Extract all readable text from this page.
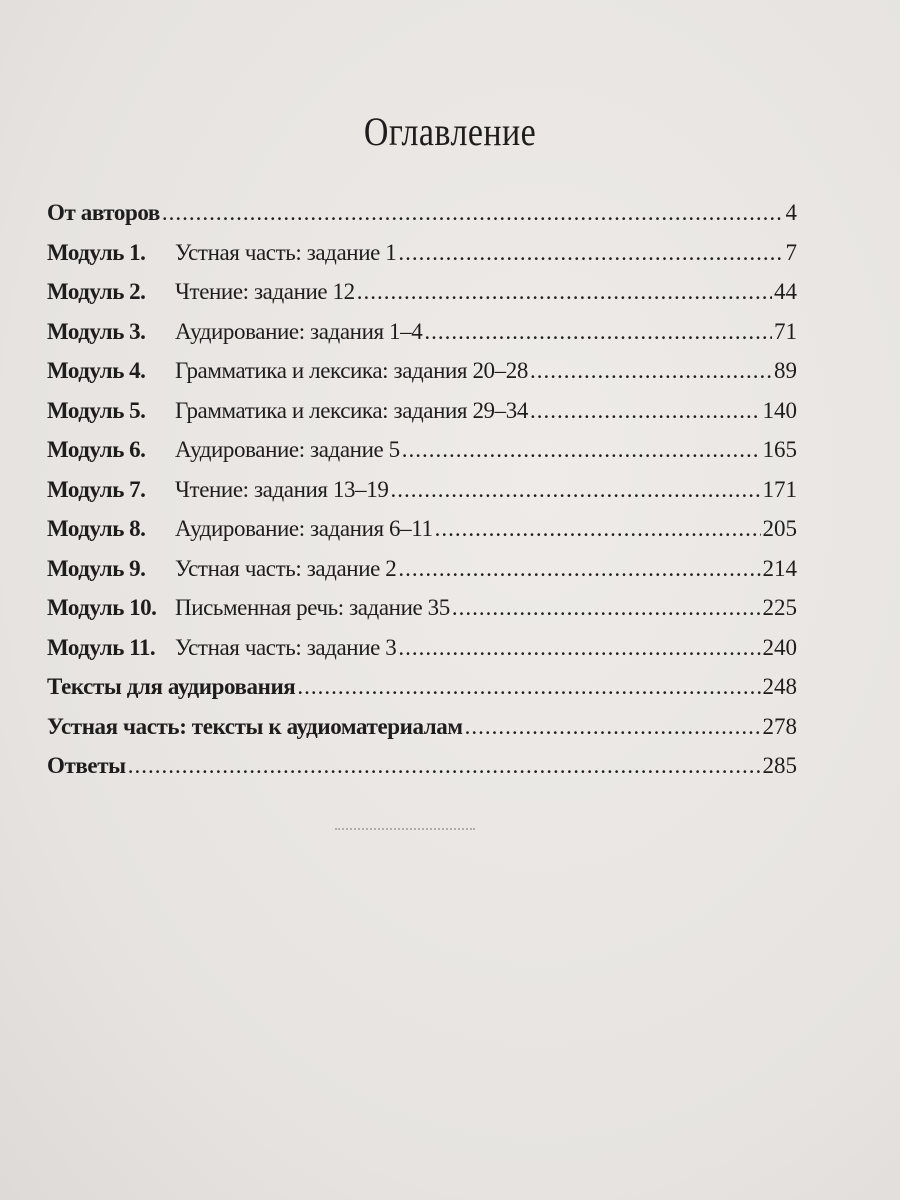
Оглавление
От авторов .....	4
Модуль 1.	Устная часть: задание 1 .....	7
Модуль 2.	Чтение: задание 12 .....	44
Модуль 3.	Аудирование: задания 1–4 .....	71
Модуль 4.	Грамматика и лексика: задания 20–28 .....	89
Модуль 5.	Грамматика и лексика: задания 29–34 .....	140
Модуль 6.	Аудирование: задание 5 .....	165
Модуль 7.	Чтение: задания 13–19 .....	171
Модуль 8.	Аудирование: задания 6–11 .....	205
Модуль 9.	Устная часть: задание 2 .....	214
Модуль 10. Письменная речь: задание 35 .....	225
Модуль 11. Устная часть: задание 3 .....	240
Тексты для аудирования .....	248
Устная часть: тексты к аудиоматериалам .....	278
Ответы .....	285
